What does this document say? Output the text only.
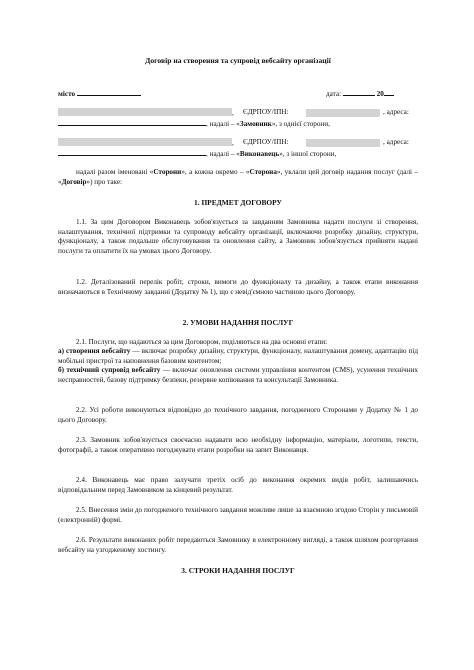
Договір на створення та супровід вебсайту організації
місто	дата:	20
, ЄДРПОУ/ІПН:	, адреса:
, надалі – «Замовник», з однієї сторони,
, ЄДРПОУ/ІПН:	, адреса:
, надалі – «Виконавець», з іншої сторони,
надалі разом іменовані «Сторони», а кожна окремо – «Сторона», уклали цей договір надання послуг (далі – «Договір») про таке:
1. ПРЕДМЕТ ДОГОВОРУ
1.1. За цим Договором Виконавець зобов'язується за завданням Замовника надати послуги зі створення, налаштування, технічної підтримки та супроводу вебсайту організації, включаючи розробку дизайну, структури, функціоналу, а також подальше обслуговування та оновлення сайту, а Замовник зобов'язується прийняти надані послуги та оплатити їх на умовах цього Договору.
1.2. Деталізований перелік робіт, строки, вимоги до функціоналу та дизайну, а також етапи виконання визначаються в Технічному завданні (Додатку № 1), що є невід'ємною частиною цього Договору.
2. УМОВИ НАДАННЯ ПОСЛУГ
2.1. Послуги, що надаються за цим Договором, поділяються на два основні етапи:
а) створення вебсайту — включає розробку дизайну, структури, функціоналу, налаштування домену, адаптацію під мобільні пристрої та наповнення базовим контентом;
б) технічний супровід вебсайту — включає оновлення системи управління контентом (CMS), усунення технічних несправностей, базову підтримку безпеки, резервне копіювання та консультації Замовника.
2.2. Усі роботи виконуються відповідно до технічного завдання, погодженого Сторонами у Додатку № 1 до цього Договору.
2.3. Замовник зобов'язується своєчасно надавати всю необхідну інформацію, матеріали, логотипи, тексти, фотографії, а також оперативно погоджувати етапи розробки на запит Виконавця.
2.4. Виконавець має право залучати третіх осіб до виконання окремих видів робіт, залишаючись відповідальним перед Замовником за кінцевий результат.
2.5. Внесення змін до погодженого технічного завдання можливе лише за взаємною згодою Сторін у письмовій (електронній) формі.
2.6. Результати виконаних робіт передаються Замовнику в електронному вигляді, а також шляхом розгортання вебсайту на узгодженому хостингу.
3. СТРОКИ НАДАННЯ ПОСЛУГ
